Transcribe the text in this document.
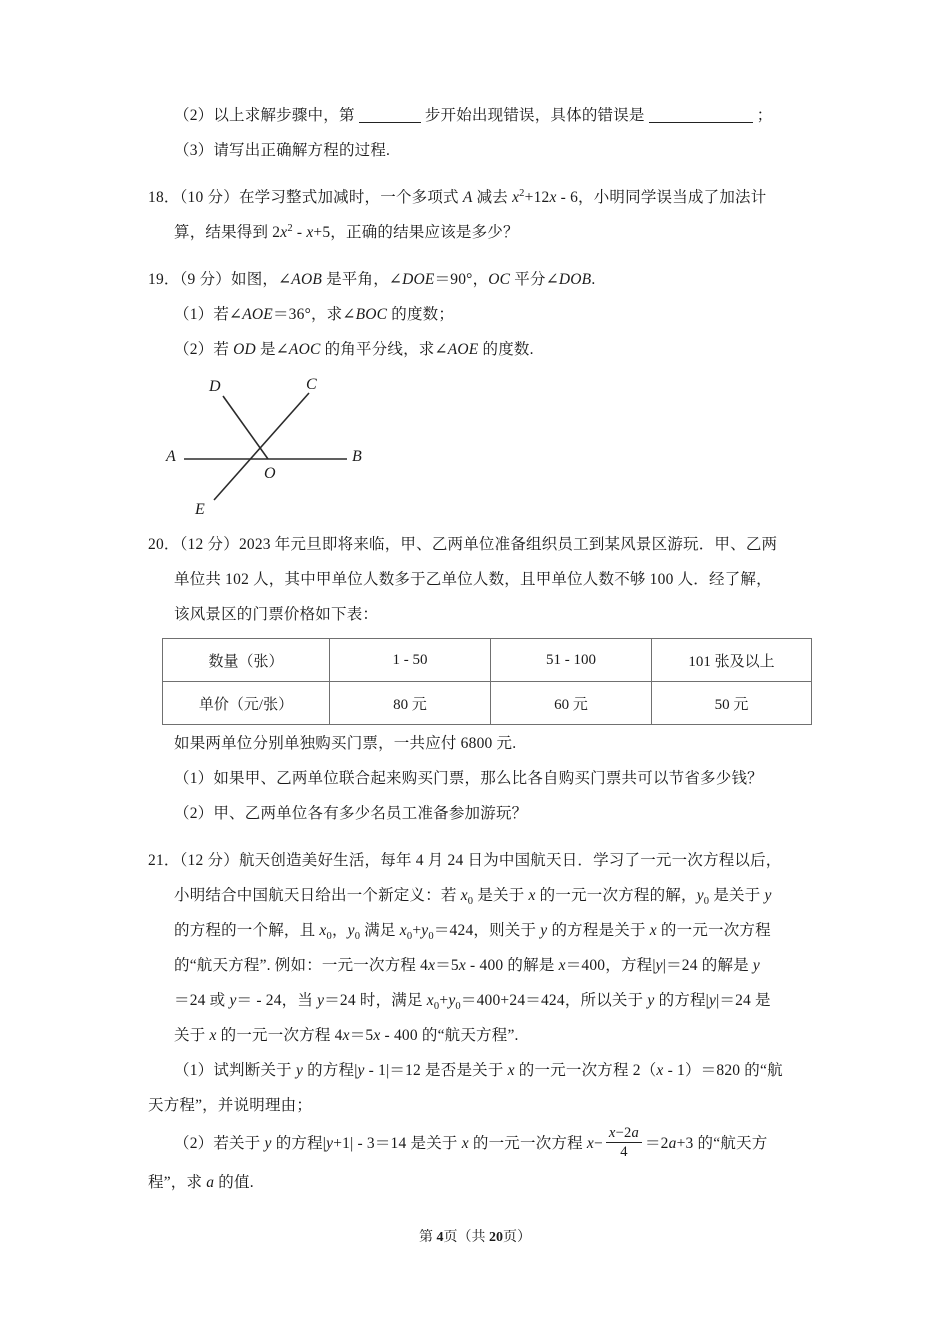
（2）以上求解步骤中，第	步开始出现错误，具体的错误是	；
（3）请写出正确解方程的过程.
18．（10 分）在学习整式加减时，一个多项式 A 减去 $x^2+12x - 6$，小明同学误当成了加法计
算，结果得到 $2x^2 - x+5$，正确的结果应该是多少？
19．（9 分）如图，∠AOB 是平角，∠DOE＝90°，OC 平分∠DOB.
（1）若∠AOE＝36°，求∠BOC 的度数；
（2）若 OD 是∠AOC 的角平分线，求∠AOE 的度数.
D	C
A	B
O
E
20．（12 分）2023 年元旦即将来临，甲、乙两单位准备组织员工到某风景区游玩．甲、乙两
单位共 102 人，其中甲单位人数多于乙单位人数，且甲单位人数不够 100 人．经了解，
该风景区的门票价格如下表：
数量（张）	1 - 50	51 - 100	101 张及以上
单价（元/张）	80 元	60 元	50 元
如果两单位分别单独购买门票，一共应付 6800 元.
（1）如果甲、乙两单位联合起来购买门票，那么比各自购买门票共可以节省多少钱？
（2）甲、乙两单位各有多少名员工准备参加游玩？
21．（12 分）航天创造美好生活，每年 4 月 24 日为中国航天日．学习了一元一次方程以后，
小明结合中国航天日给出一个新定义：若 $x_0$ 是关于 x 的一元一次方程的解，$y_0$ 是关于 y
的方程的一个解，且 $x_0$，$y_0$ 满足 $x_0+y_0=424$，则关于 y 的方程是关于 x 的一元一次方程
的“航天方程”. 例如：一元一次方程 4x＝5x - 400 的解是 x＝400，方程|y|＝24 的解是 y
＝24 或 y＝ - 24，当 y＝24 时，满足 $x_0+y_0=400+24=424$，所以关于 y 的方程|y|＝24 是
关于 x 的一元一次方程 4x＝5x - 400 的“航天方程”.
（1）试判断关于 y 的方程|y - 1|＝12 是否是关于 x 的一元一次方程 2（x - 1）＝820 的“航
天方程”，并说明理由；
（2）若关于 y 的方程|y+1| - 3＝14 是关于 x 的一元一次方程 $x- \frac{x-2a}{4} =2a+3$ 的“航天方
程”，求 a 的值.
第 4页（共 20页）
